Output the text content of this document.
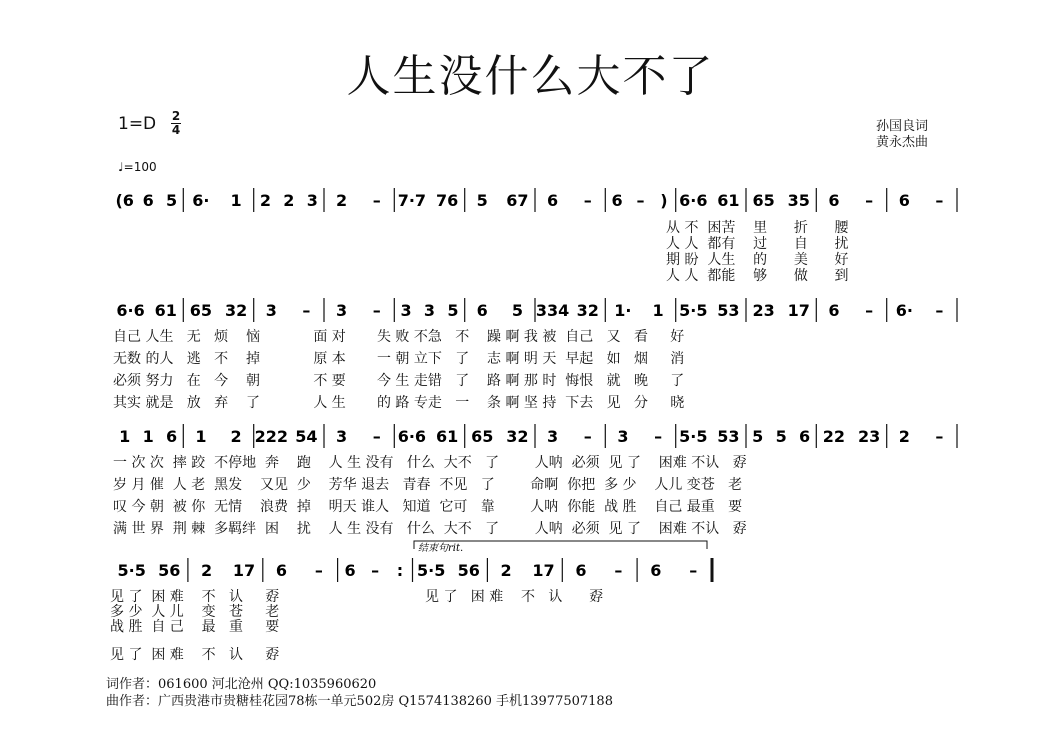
人生没什么大不了
1=D 2
4
♩=100
孙国良词
黄永杰曲
(6 6 5 6· 1 2 2 3 2 – 7·7 76 5 67 6 – 6 – ) 6·6 61 65 35 6 – 6 –
6·6 61 65 32 3 – 3 – 3 3 5 6 5 334 32 1· 1 5·5 53 23 17 6 – 6· –
1 1 6 1 2 222 54 3 – 6·6 61 65 32 3 – 3 – 5·5 53 5 5 6 22 23 2 –
5·5 56 2 17 6 – 6 – : 5·5 56 2 17 6 – 6 –
结束句rit.
从 不  困苦    里      折      腰
人 人  都有    过      自      扰
期 盼  人生    的      美      好
人 人  都能    够      做      到
自己 人生   无   烦    恼            面 对       失 败 不急   不    躁 啊 我 被  自己   又   看     好
无数 的人   逃   不    掉            原 本       一 朝 立下   了    志 啊 明 天  早起   如   烟     消
必须 努力   在   今    朝            不 要       今 生 走错   了    路 啊 那 时  悔恨   就   晚     了
其实 就是   放   弃    了            人 生       的 路 专走   一    条 啊 坚 持  下去   见   分     晓
一 次 次  摔 跤  不停地  奔    跑    人 生 没有   什么  大不   了        人呐  必须  见 了    困难 不认   孬
岁 月 催  人 老  黑发    又见  少    芳华 退去   青春  不见   了        命啊  你把  多 少    人儿 变苍   老
叹 今 朝  被 你  无情    浪费  掉    明天 谁人   知道  它可   靠        人呐  你能  战 胜    自己 最重   要
满 世 界  荆 棘  多羁绊  困    扰    人 生 没有   什么  大不   了        人呐  必须  见 了    困难 不认   孬
见 了  困 难    不   认     孬
多 少  人 儿    变   苍     老
战 胜  自 己    最   重     要
见 了  困 难    不   认     孬
见 了   困 难    不   认      孬
词作者：061600 河北沧州 QQ:1035960620
曲作者：广西贵港市贵糖桂花园78栋一单元502房 Q1574138260 手机13977507188
